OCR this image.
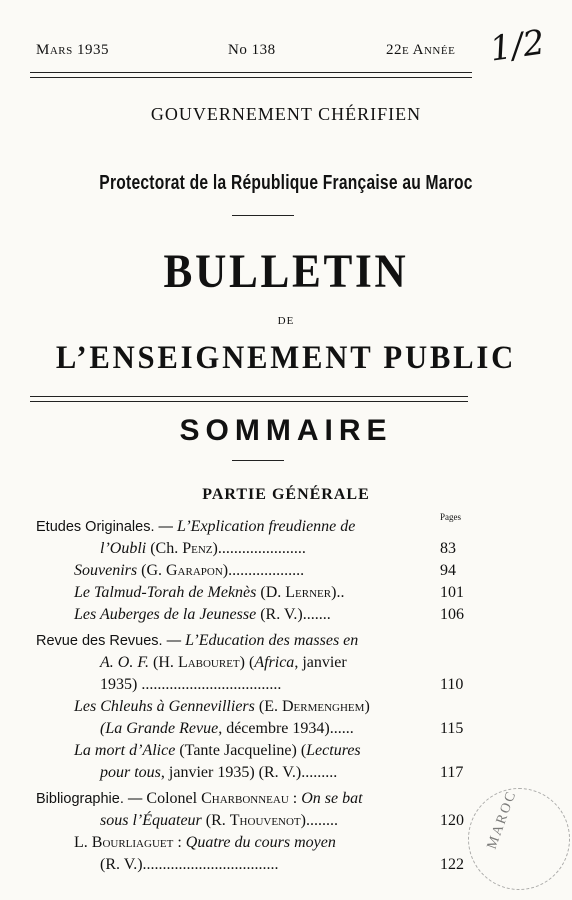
Mars 1935	No 138	22e Année 1/2
GOUVERNEMENT CHÉRIFIEN
Protectorat de la République Française au Maroc
BULLETIN
DE
L’ENSEIGNEMENT PUBLIC
SOMMAIRE
PARTIE GÉNÉRALE
Pages
Etudes Originales. — L’Explication freudienne de
l’Oubli (Ch. Penz)......................	83
Souvenirs (G. Garapon)...................	94
Le Talmud-Torah de Meknès (D. Lerner)..	101
Les Auberges de la Jeunesse (R. V.).......	106
Revue des Revues. — L’Education des masses en
A. O. F. (H. Labouret) (Africa, janvier
1935) ...................................	110
Les Chleuhs à Gennevilliers (E. Dermenghem)
(La Grande Revue, décembre 1934)......	115
La mort d’Alice (Tante Jacqueline) (Lectures
pour tous, janvier 1935) (R. V.).........	117
Bibliographie. — Colonel Charbonneau : On se bat
sous l’Équateur (R. Thouvenot)........	120
L. Bourliaguet : Quatre du cours moyen
(R. V.)..................................	122
MAROC
